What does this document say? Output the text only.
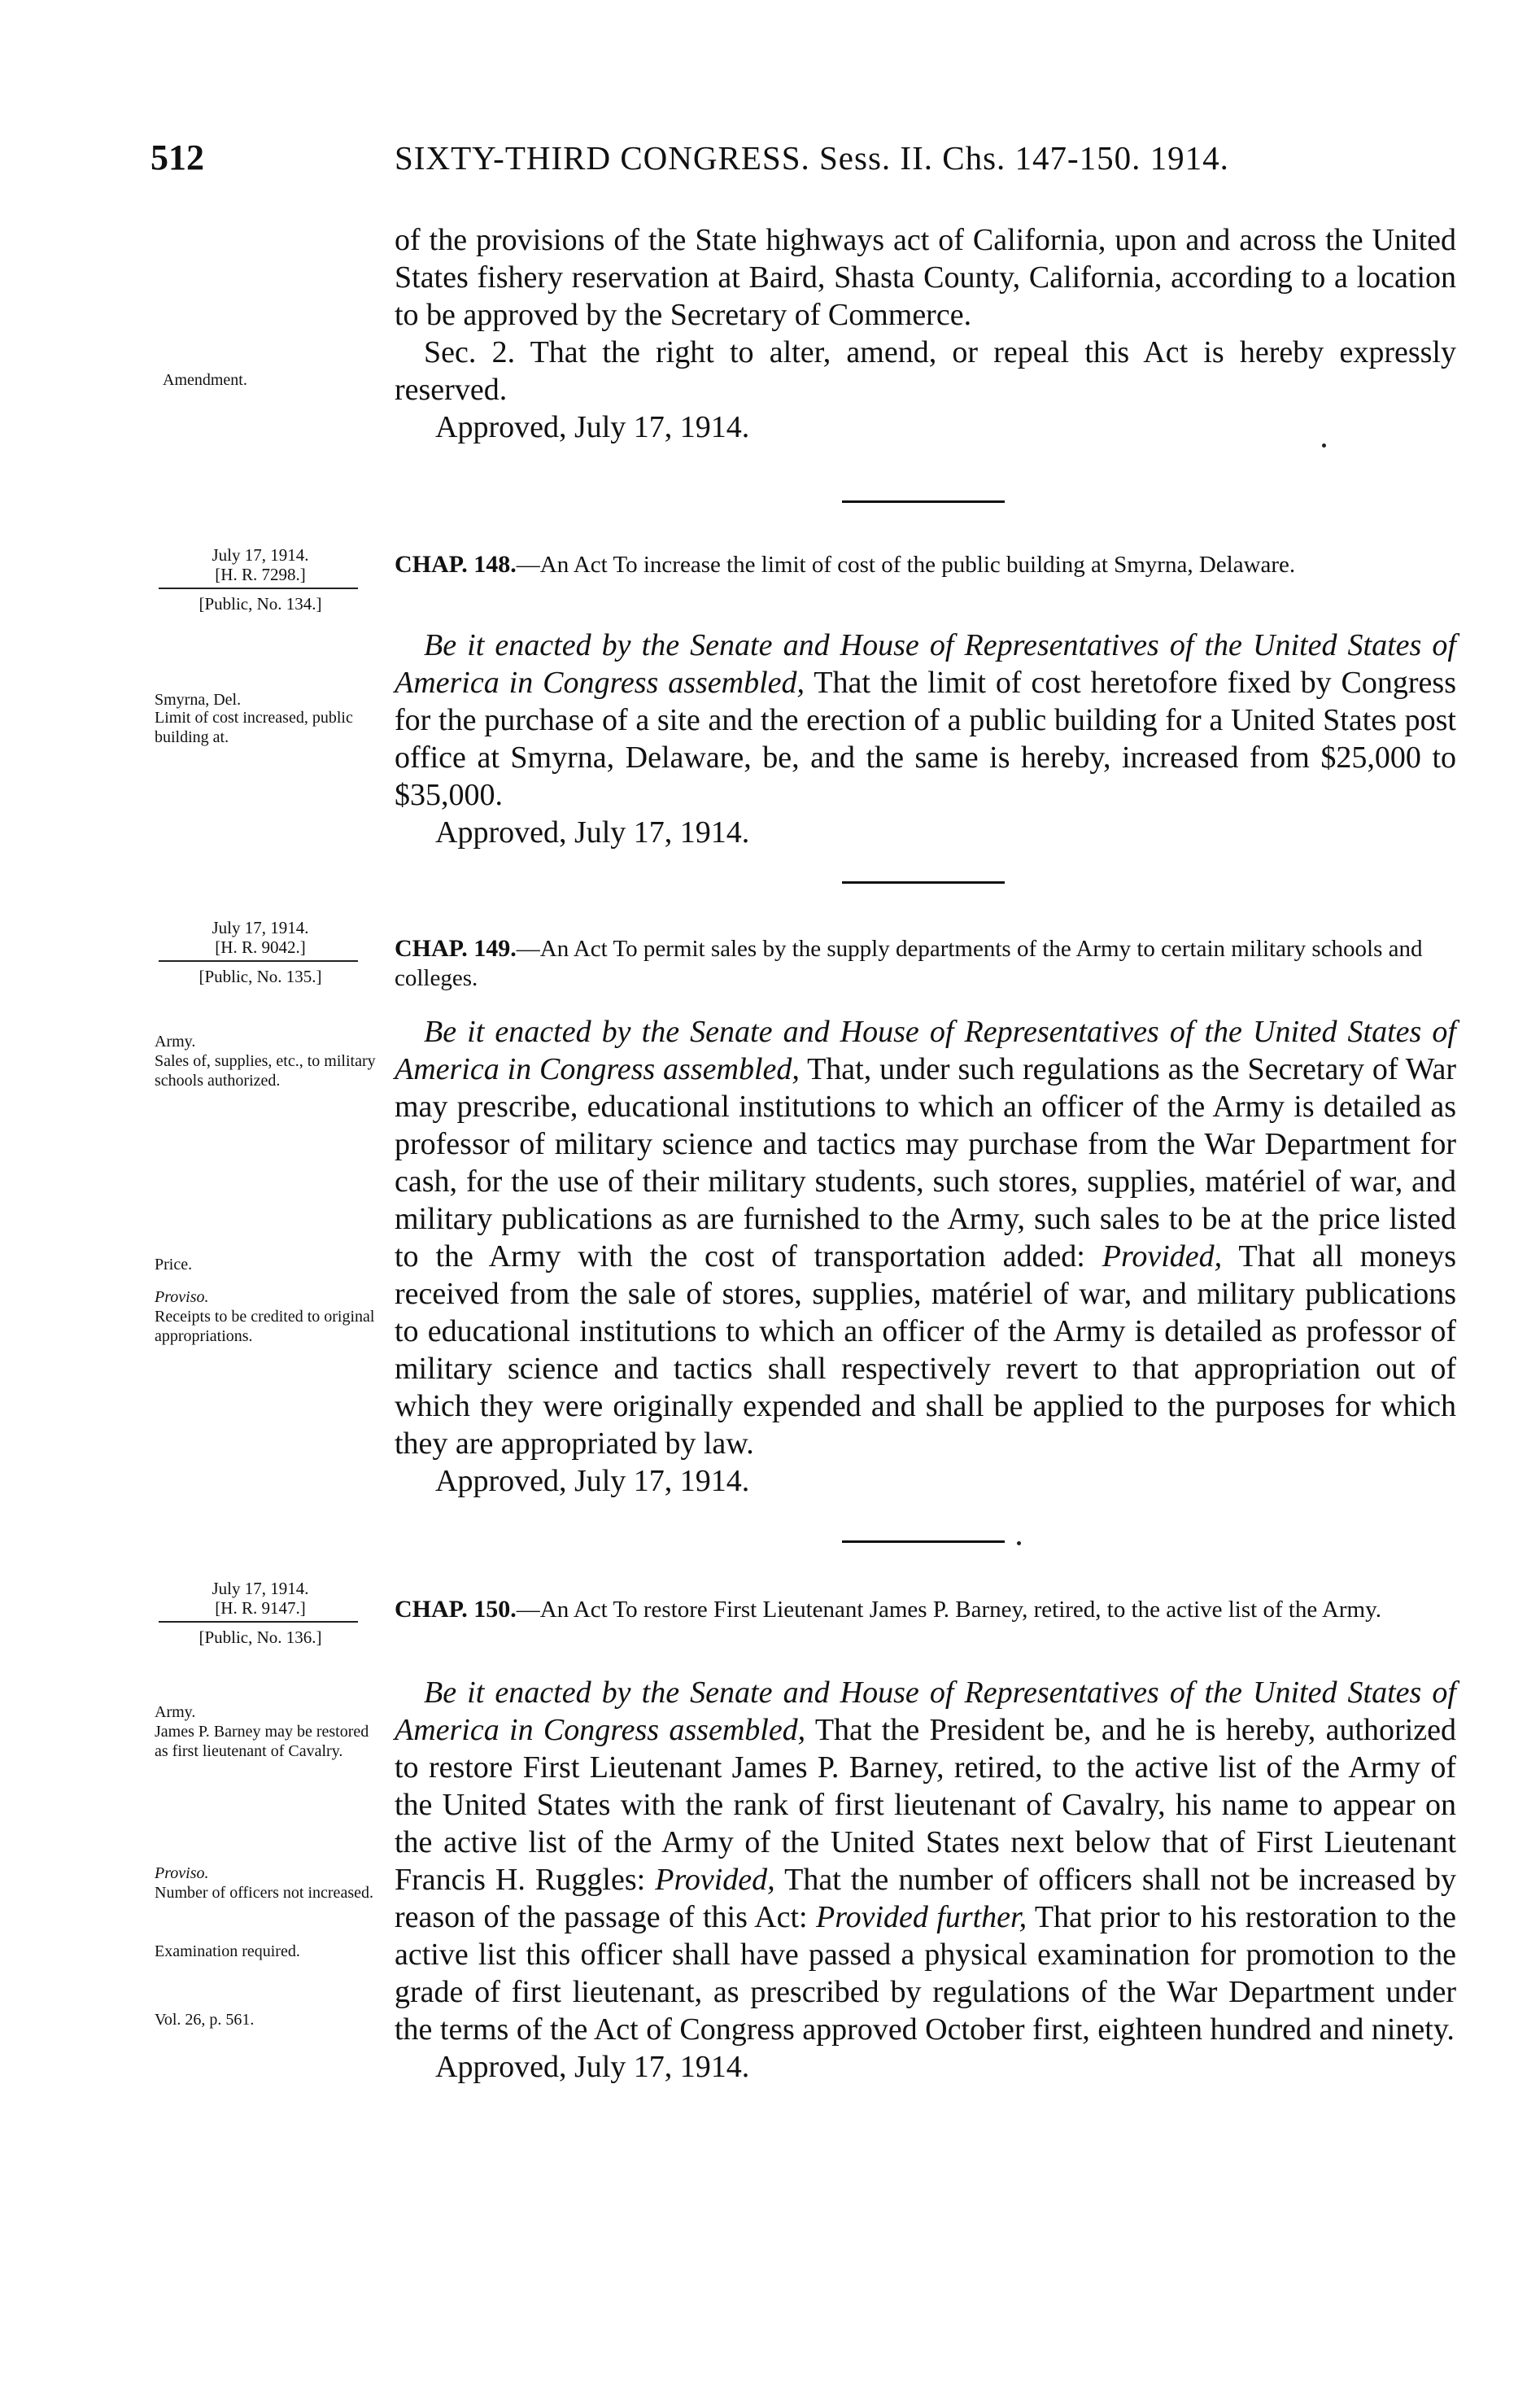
512	SIXTY-THIRD CONGRESS. Sess. II. Chs. 147-150. 1914.

of the provisions of the State highways act of California, upon and across the United States fishery reservation at Baird, Shasta County, California, according to a location to be approved by the Secretary of Commerce.

Sec. 2. That the right to alter, amend, or repeal this Act is hereby expressly reserved.

Approved, July 17, 1914.

Amendment.
July 17, 1914.
[H. R. 7298.]
[Public, No. 134.]
CHAP. 148.—An Act To increase the limit of cost of the public building at Smyrna, Delaware.

Be it enacted by the Senate and House of Representatives of the United States of America in Congress assembled, That the limit of cost heretofore fixed by Congress for the purchase of a site and the erection of a public building for a United States post office at Smyrna, Delaware, be, and the same is hereby, increased from $25,000 to $35,000.

Approved, July 17, 1914.

Smyrna, Del.
Limit of cost increased, public building at.
July 17, 1914.
[H. R. 9042.]
[Public, No. 135.]
CHAP. 149.—An Act To permit sales by the supply departments of the Army to certain military schools and colleges.

Be it enacted by the Senate and House of Representatives of the United States of America in Congress assembled, That, under such regulations as the Secretary of War may prescribe, educational institutions to which an officer of the Army is detailed as professor of military science and tactics may purchase from the War Department for cash, for the use of their military students, such stores, supplies, matériel of war, and military publications as are furnished to the Army, such sales to be at the price listed to the Army with the cost of transportation added: Provided, That all moneys received from the sale of stores, supplies, matériel of war, and military publications to educational institutions to which an officer of the Army is detailed as professor of military science and tactics shall respectively revert to that appropriation out of which they were originally expended and shall be applied to the purposes for which they are appropriated by law.

Approved, July 17, 1914.

Army.
Sales of, supplies, etc., to military schools authorized.
Price.
Proviso.
Receipts to be credited to original appropriations.
July 17, 1914.
[H. R. 9147.]
[Public, No. 136.]
CHAP. 150.—An Act To restore First Lieutenant James P. Barney, retired, to the active list of the Army.

Be it enacted by the Senate and House of Representatives of the United States of America in Congress assembled, That the President be, and he is hereby, authorized to restore First Lieutenant James P. Barney, retired, to the active list of the Army of the United States with the rank of first lieutenant of Cavalry, his name to appear on the active list of the Army of the United States next below that of First Lieutenant Francis H. Ruggles: Provided, That the number of officers shall not be increased by reason of the passage of this Act: Provided further, That prior to his restoration to the active list this officer shall have passed a physical examination for promotion to the grade of first lieutenant, as prescribed by regulations of the War Department under the terms of the Act of Congress approved October first, eighteen hundred and ninety.

Approved, July 17, 1914.

Army.
James P. Barney may be restored as first lieutenant of Cavalry.
Proviso.
Number of officers not increased.
Examination required.
Vol. 26, p. 561.
